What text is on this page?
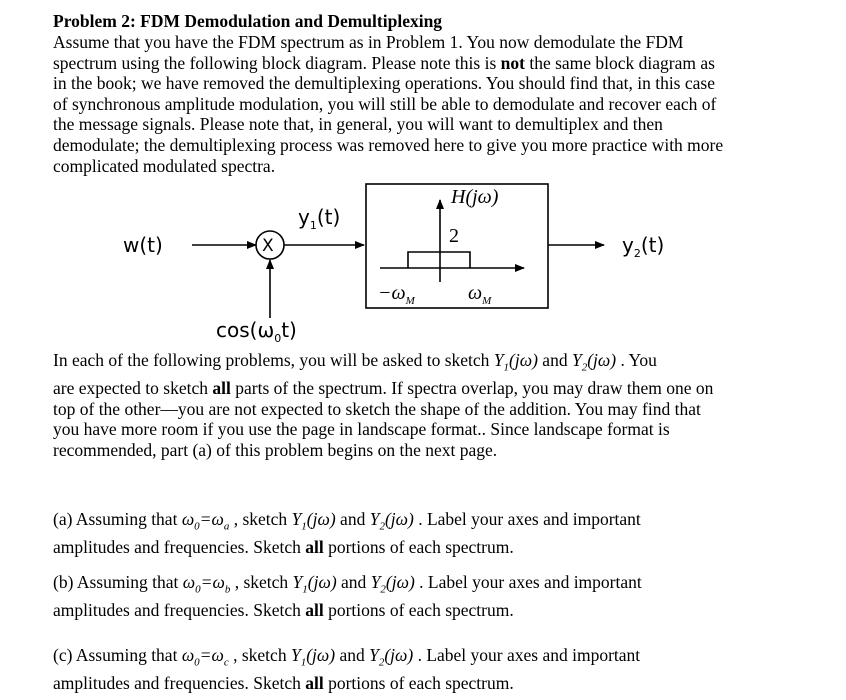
Problem 2: FDM Demodulation and Demultiplexing
Assume that you have the FDM spectrum as in Problem 1. You now demodulate the FDM
spectrum using the following block diagram. Please note this is not the same block diagram as
in the book; we have removed the demultiplexing operations. You should find that, in this case
of synchronous amplitude modulation, you will still be able to demodulate and recover each of
the message signals. Please note that, in general, you will want to demultiplex and then
demodulate; the demultiplexing process was removed here to give you more practice with more
complicated modulated spectra.
w(t)	X
$y_1(t)$
H(jω)
2
$-\omega_M$	$\omega_M$
$y_2(t)$
$\cos(\omega_0t)$
In each of the following problems, you will be asked to sketch $Y_1(j\omega)$ and $Y_2(j\omega)$ . You
are expected to sketch all parts of the spectrum. If spectra overlap, you may draw them one on
top of the other—you are not expected to sketch the shape of the addition. You may find that
you have more room if you use the page in landscape format.. Since landscape format is
recommended, part (a) of this problem begins on the next page.
(a) Assuming that $\omega_0=\omega_a$ , sketch $Y_1(j\omega)$ and $Y_2(j\omega)$ . Label your axes and important
amplitudes and frequencies. Sketch all portions of each spectrum.
(b) Assuming that $\omega_0=\omega_b$ , sketch $Y_1(j\omega)$ and $Y_2(j\omega)$ . Label your axes and important
amplitudes and frequencies. Sketch all portions of each spectrum.
(c) Assuming that $\omega_0=\omega_c$ , sketch $Y_1(j\omega)$ and $Y_2(j\omega)$ . Label your axes and important
amplitudes and frequencies. Sketch all portions of each spectrum.
